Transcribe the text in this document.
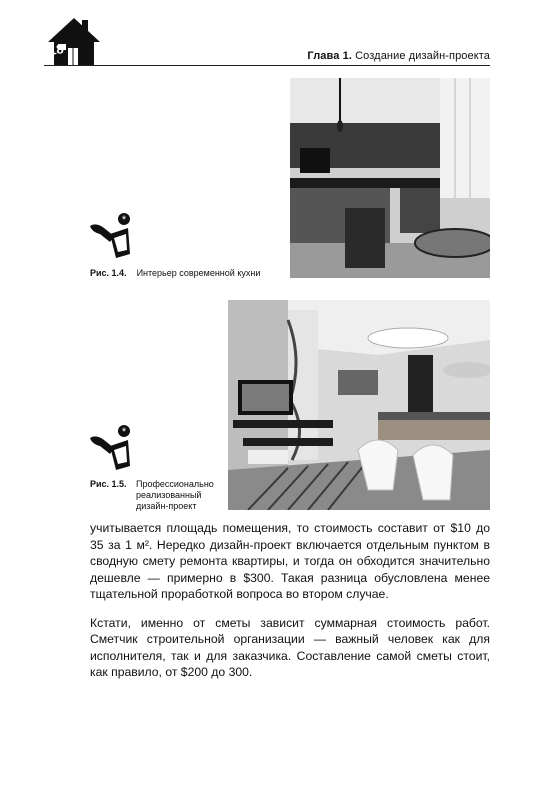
18	Глава 1. Создание дизайн-проекта
*
Рис. 1.4. Интерьер современной кухни
*
Рис. 1.5.	Профессионально реализованный дизайн-проект

учитывается площадь помещения, то стоимость составит от $10 до 35 за 1 м². Нередко дизайн-проект включается отдельным пунктом в сводную смету ремонта квартиры, и тогда он обходится значительно дешевле — примерно в $300. Такая разница обусловлена менее тщательной проработкой вопроса во втором случае.

Кстати, именно от сметы зависит суммарная стоимость работ. Сметчик строительной организации — важный человек как для исполнителя, так и для заказчика. Составление самой сметы стоит, как правило, от $200 до 300.
